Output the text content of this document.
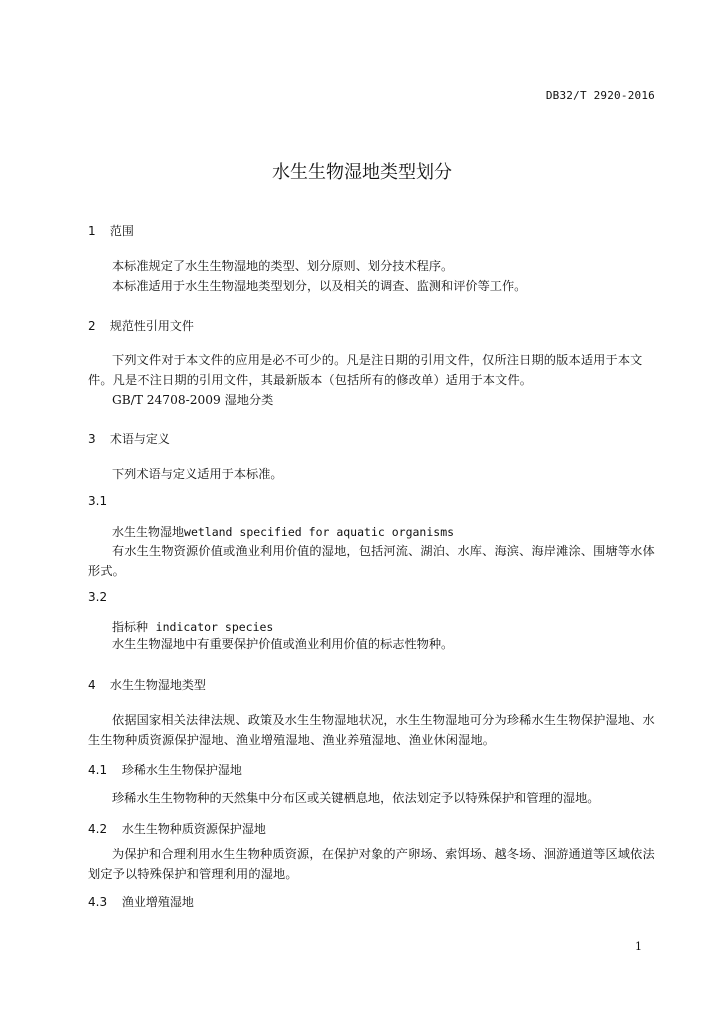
DB32/T 2920-2016
水生生物湿地类型划分
1 范围
本标准规定了水生生物湿地的类型、划分原则、划分技术程序。
本标准适用于水生生物湿地类型划分，以及相关的调查、监测和评价等工作。
2 规范性引用文件
下列文件对于本文件的应用是必不可少的。凡是注日期的引用文件，仅所注日期的版本适用于本文件。凡是不注日期的引用文件，其最新版本（包括所有的修改单）适用于本文件。
GB/T 24708-2009 湿地分类
3 术语与定义
下列术语与定义适用于本标准。
3.1
水生生物湿地wetland specified for aquatic organisms
有水生生物资源价值或渔业利用价值的湿地，包括河流、湖泊、水库、海滨、海岸滩涂、围塘等水体形式。
3.2
指标种 indicator species
水生生物湿地中有重要保护价值或渔业利用价值的标志性物种。
4 水生生物湿地类型
依据国家相关法律法规、政策及水生生物湿地状况，水生生物湿地可分为珍稀水生生物保护湿地、水生生物种质资源保护湿地、渔业增殖湿地、渔业养殖湿地、渔业休闲湿地。
4.1 珍稀水生生物保护湿地
珍稀水生生物物种的天然集中分布区或关键栖息地，依法划定予以特殊保护和管理的湿地。
4.2 水生生物种质资源保护湿地
为保护和合理利用水生生物种质资源，在保护对象的产卵场、索饵场、越冬场、洄游通道等区域依法划定予以特殊保护和管理利用的湿地。
4.3 渔业增殖湿地
1
